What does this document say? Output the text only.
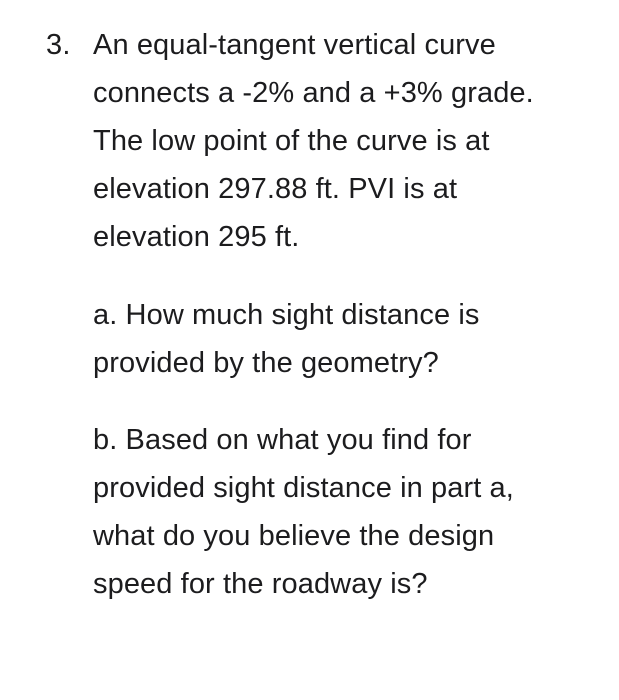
3. An equal-tangent vertical curve
connects a -2% and a +3% grade.
The low point of the curve is at
elevation 297.88 ft. PVI is at
elevation 295 ft.
a. How much sight distance is
provided by the geometry?
b. Based on what you find for
provided sight distance in part a,
what do you believe the design
speed for the roadway is?
